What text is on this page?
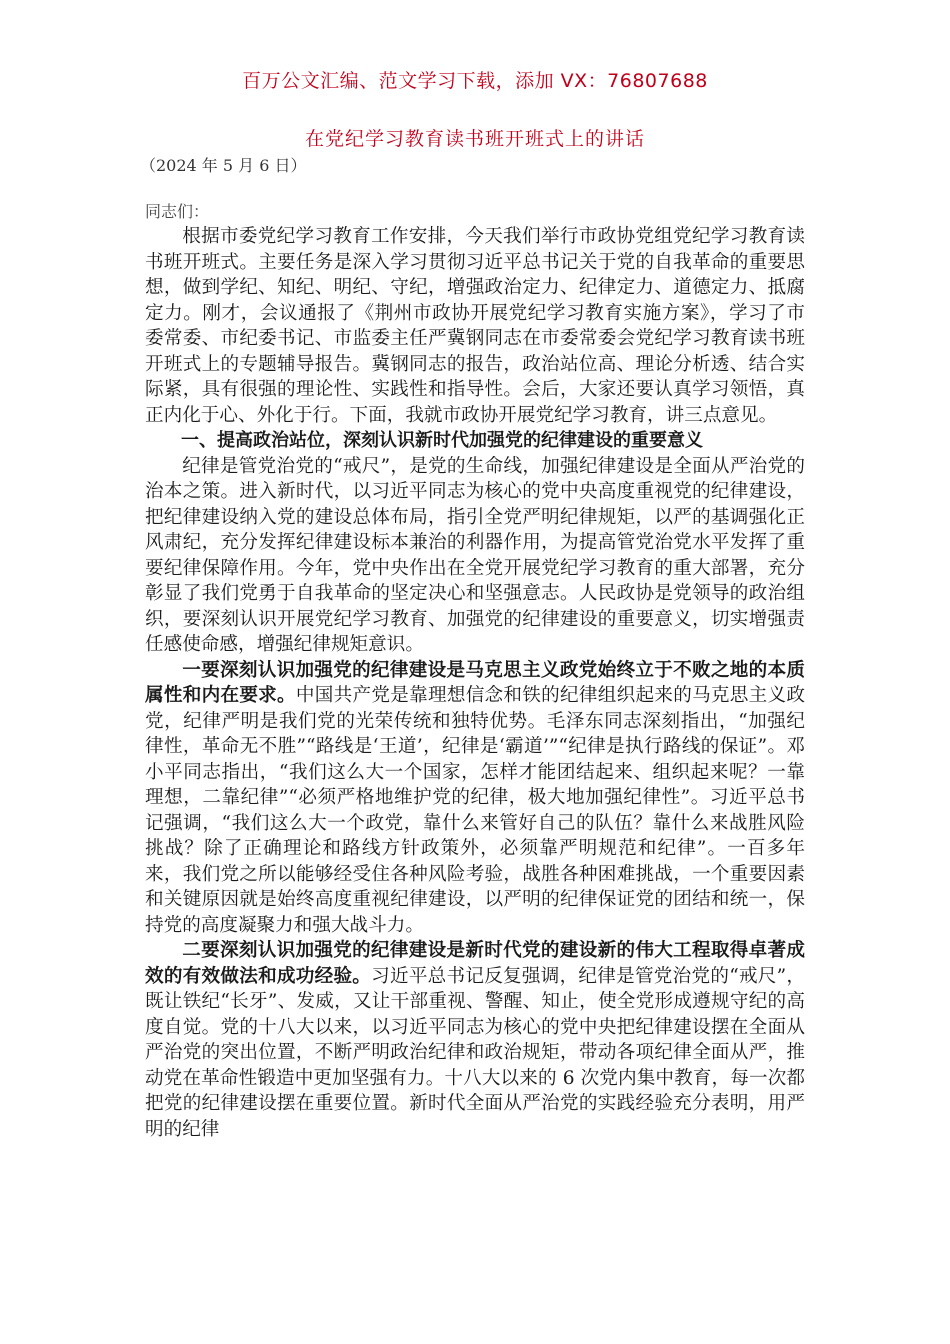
百万公文汇编、范文学习下载，添加 VX：76807688
在党纪学习教育读书班开班式上的讲话
（2024 年 5 月 6 日）

同志们：

根据市委党纪学习教育工作安排，今天我们举行市政协党组党纪学习教育读书班开班式。主要任务是深入学习贯彻习近平总书记关于党的自我革命的重要思想，做到学纪、知纪、明纪、守纪，增强政治定力、纪律定力、道德定力、抵腐定力。刚才，会议通报了《荆州市政协开展党纪学习教育实施方案》，学习了市委常委、市纪委书记、市监委主任严冀钢同志在市委常委会党纪学习教育读书班开班式上的专题辅导报告。冀钢同志的报告，政治站位高、理论分析透、结合实际紧，具有很强的理论性、实践性和指导性。会后，大家还要认真学习领悟，真正内化于心、外化于行。下面，我就市政协开展党纪学习教育，讲三点意见。

一、提高政治站位，深刻认识新时代加强党的纪律建设的重要意义

纪律是管党治党的“戒尺”，是党的生命线，加强纪律建设是全面从严治党的治本之策。进入新时代，以习近平同志为核心的党中央高度重视党的纪律建设，把纪律建设纳入党的建设总体布局，指引全党严明纪律规矩，以严的基调强化正风肃纪，充分发挥纪律建设标本兼治的利器作用，为提高管党治党水平发挥了重要纪律保障作用。今年，党中央作出在全党开展党纪学习教育的重大部署，充分彰显了我们党勇于自我革命的坚定决心和坚强意志。人民政协是党领导的政治组织，要深刻认识开展党纪学习教育、加强党的纪律建设的重要意义，切实增强责任感使命感，增强纪律规矩意识。

一要深刻认识加强党的纪律建设是马克思主义政党始终立于不败之地的本质属性和内在要求。中国共产党是靠理想信念和铁的纪律组织起来的马克思主义政党，纪律严明是我们党的光荣传统和独特优势。毛泽东同志深刻指出，“加强纪律性，革命无不胜”“路线是‘王道’，纪律是‘霸道’”“纪律是执行路线的保证”。邓小平同志指出，“我们这么大一个国家，怎样才能团结起来、组织起来呢？一靠理想，二靠纪律”“必须严格地维护党的纪律，极大地加强纪律性”。习近平总书记强调，“我们这么大一个政党，靠什么来管好自己的队伍？靠什么来战胜风险挑战？除了正确理论和路线方针政策外，必须靠严明规范和纪律”。一百多年来，我们党之所以能够经受住各种风险考验，战胜各种困难挑战，一个重要因素和关键原因就是始终高度重视纪律建设，以严明的纪律保证党的团结和统一，保持党的高度凝聚力和强大战斗力。

二要深刻认识加强党的纪律建设是新时代党的建设新的伟大工程取得卓著成效的有效做法和成功经验。习近平总书记反复强调，纪律是管党治党的“戒尺”，既让铁纪“长牙”、发威，又让干部重视、警醒、知止，使全党形成遵规守纪的高度自觉。党的十八大以来，以习近平同志为核心的党中央把纪律建设摆在全面从严治党的突出位置，不断严明政治纪律和政治规矩，带动各项纪律全面从严，推动党在革命性锻造中更加坚强有力。十八大以来的 6 次党内集中教育，每一次都把党的纪律建设摆在重要位置。新时代全面从严治党的实践经验充分表明，用严明的纪律
